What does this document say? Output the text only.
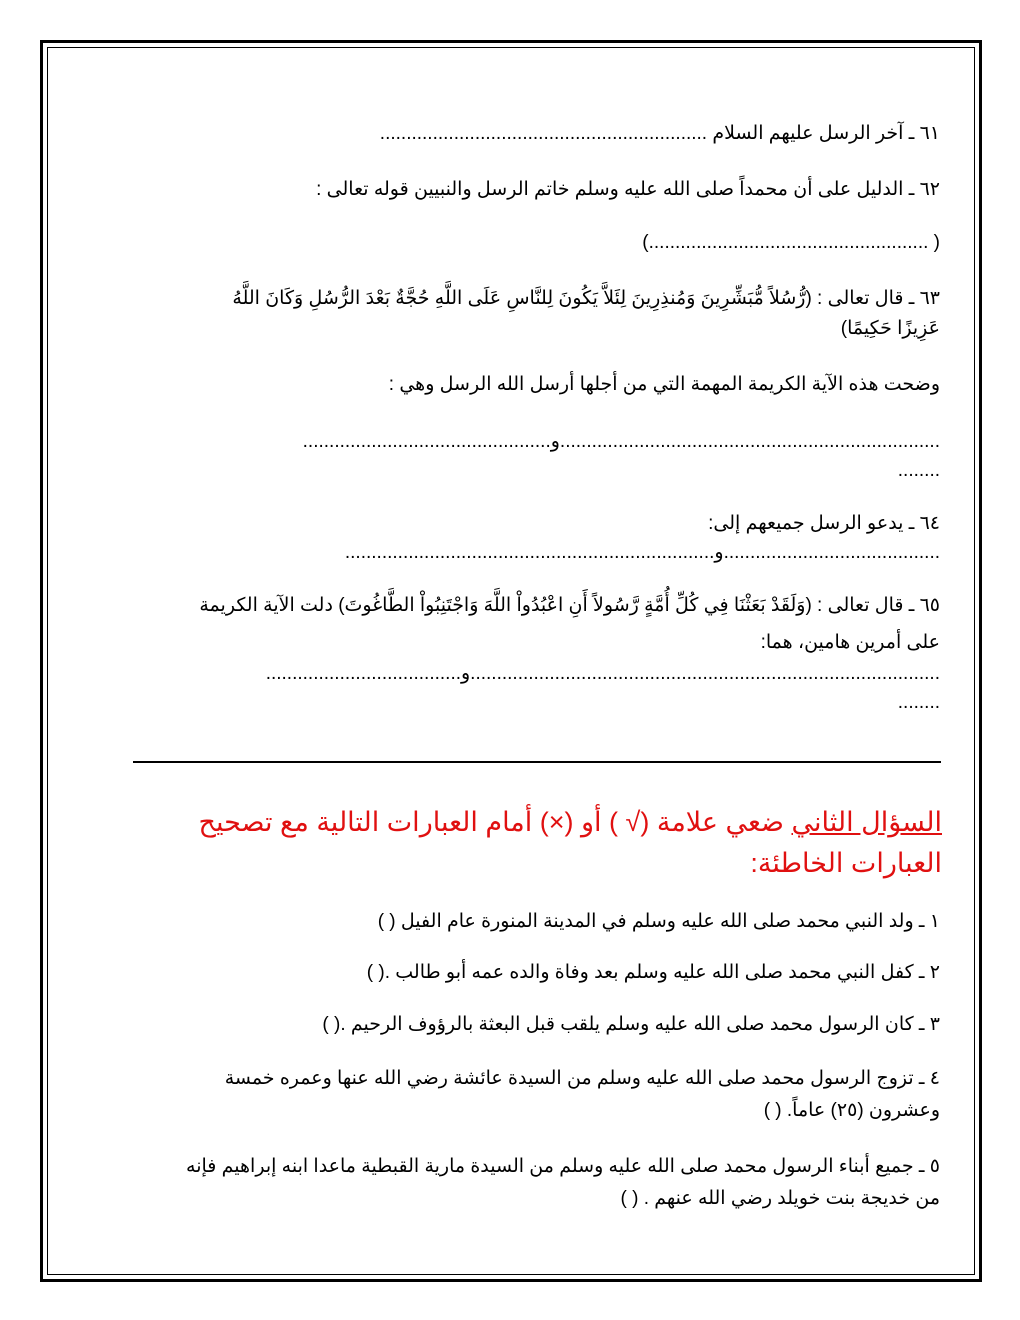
٦١ ـ آخر الرسل عليهم السلام ..............................................................
٦٢ ـ الدليل على أن محمداً صلى الله عليه وسلم خاتم الرسل والنبيين قوله تعالى :
( .....................................................)
٦٣ ـ قال تعالى : (رُّسُلاً مُّبَشِّرِينَ وَمُنذِرِينَ لِئَلاَّ يَكُونَ لِلنَّاسِ عَلَى اللَّهِ حُجَّةٌ بَعْدَ الرُّسُلِ وَكَانَ اللَّهُ
عَزِيزًا حَكِيمًا)
وضحت هذه الآية الكريمة المهمة التي من أجلها أرسل الله الرسل وهي :
........................................................................و...............................................
........
٦٤ ـ يدعو الرسل جميعهم إلى:
.........................................و......................................................................
٦٥ ـ قال تعالى : (وَلَقَدْ بَعَثْنَا فِي كُلِّ أُمَّةٍ رَّسُولاً أَنِ اعْبُدُواْ اللَّهَ وَاجْتَنِبُواْ الطَّاغُوتَ) دلت الآية الكريمة
على أمرين هامين، هما:
.........................................................................................و.....................................
........
السؤال الثاني ضعي علامة (√ ) أو (×) أمام العبارات التالية مع تصحيح
العبارات الخاطئة:
١ ـ ولد النبي محمد صلى الله عليه وسلم في المدينة المنورة عام الفيل ( )
٢ ـ كفل النبي محمد صلى الله عليه وسلم بعد وفاة والده عمه أبو طالب .( )
٣ ـ كان الرسول محمد صلى الله عليه وسلم يلقب قبل البعثة بالرؤوف الرحيم .( )
٤ ـ تزوج الرسول محمد صلى الله عليه وسلم من السيدة عائشة رضي الله عنها وعمره خمسة
وعشرون (٢٥) عاماً. ( )
٥ ـ جميع أبناء الرسول محمد صلى الله عليه وسلم من السيدة مارية القبطية ماعدا ابنه إبراهيم فإنه
من خديجة بنت خويلد رضي الله عنهم . ( )
